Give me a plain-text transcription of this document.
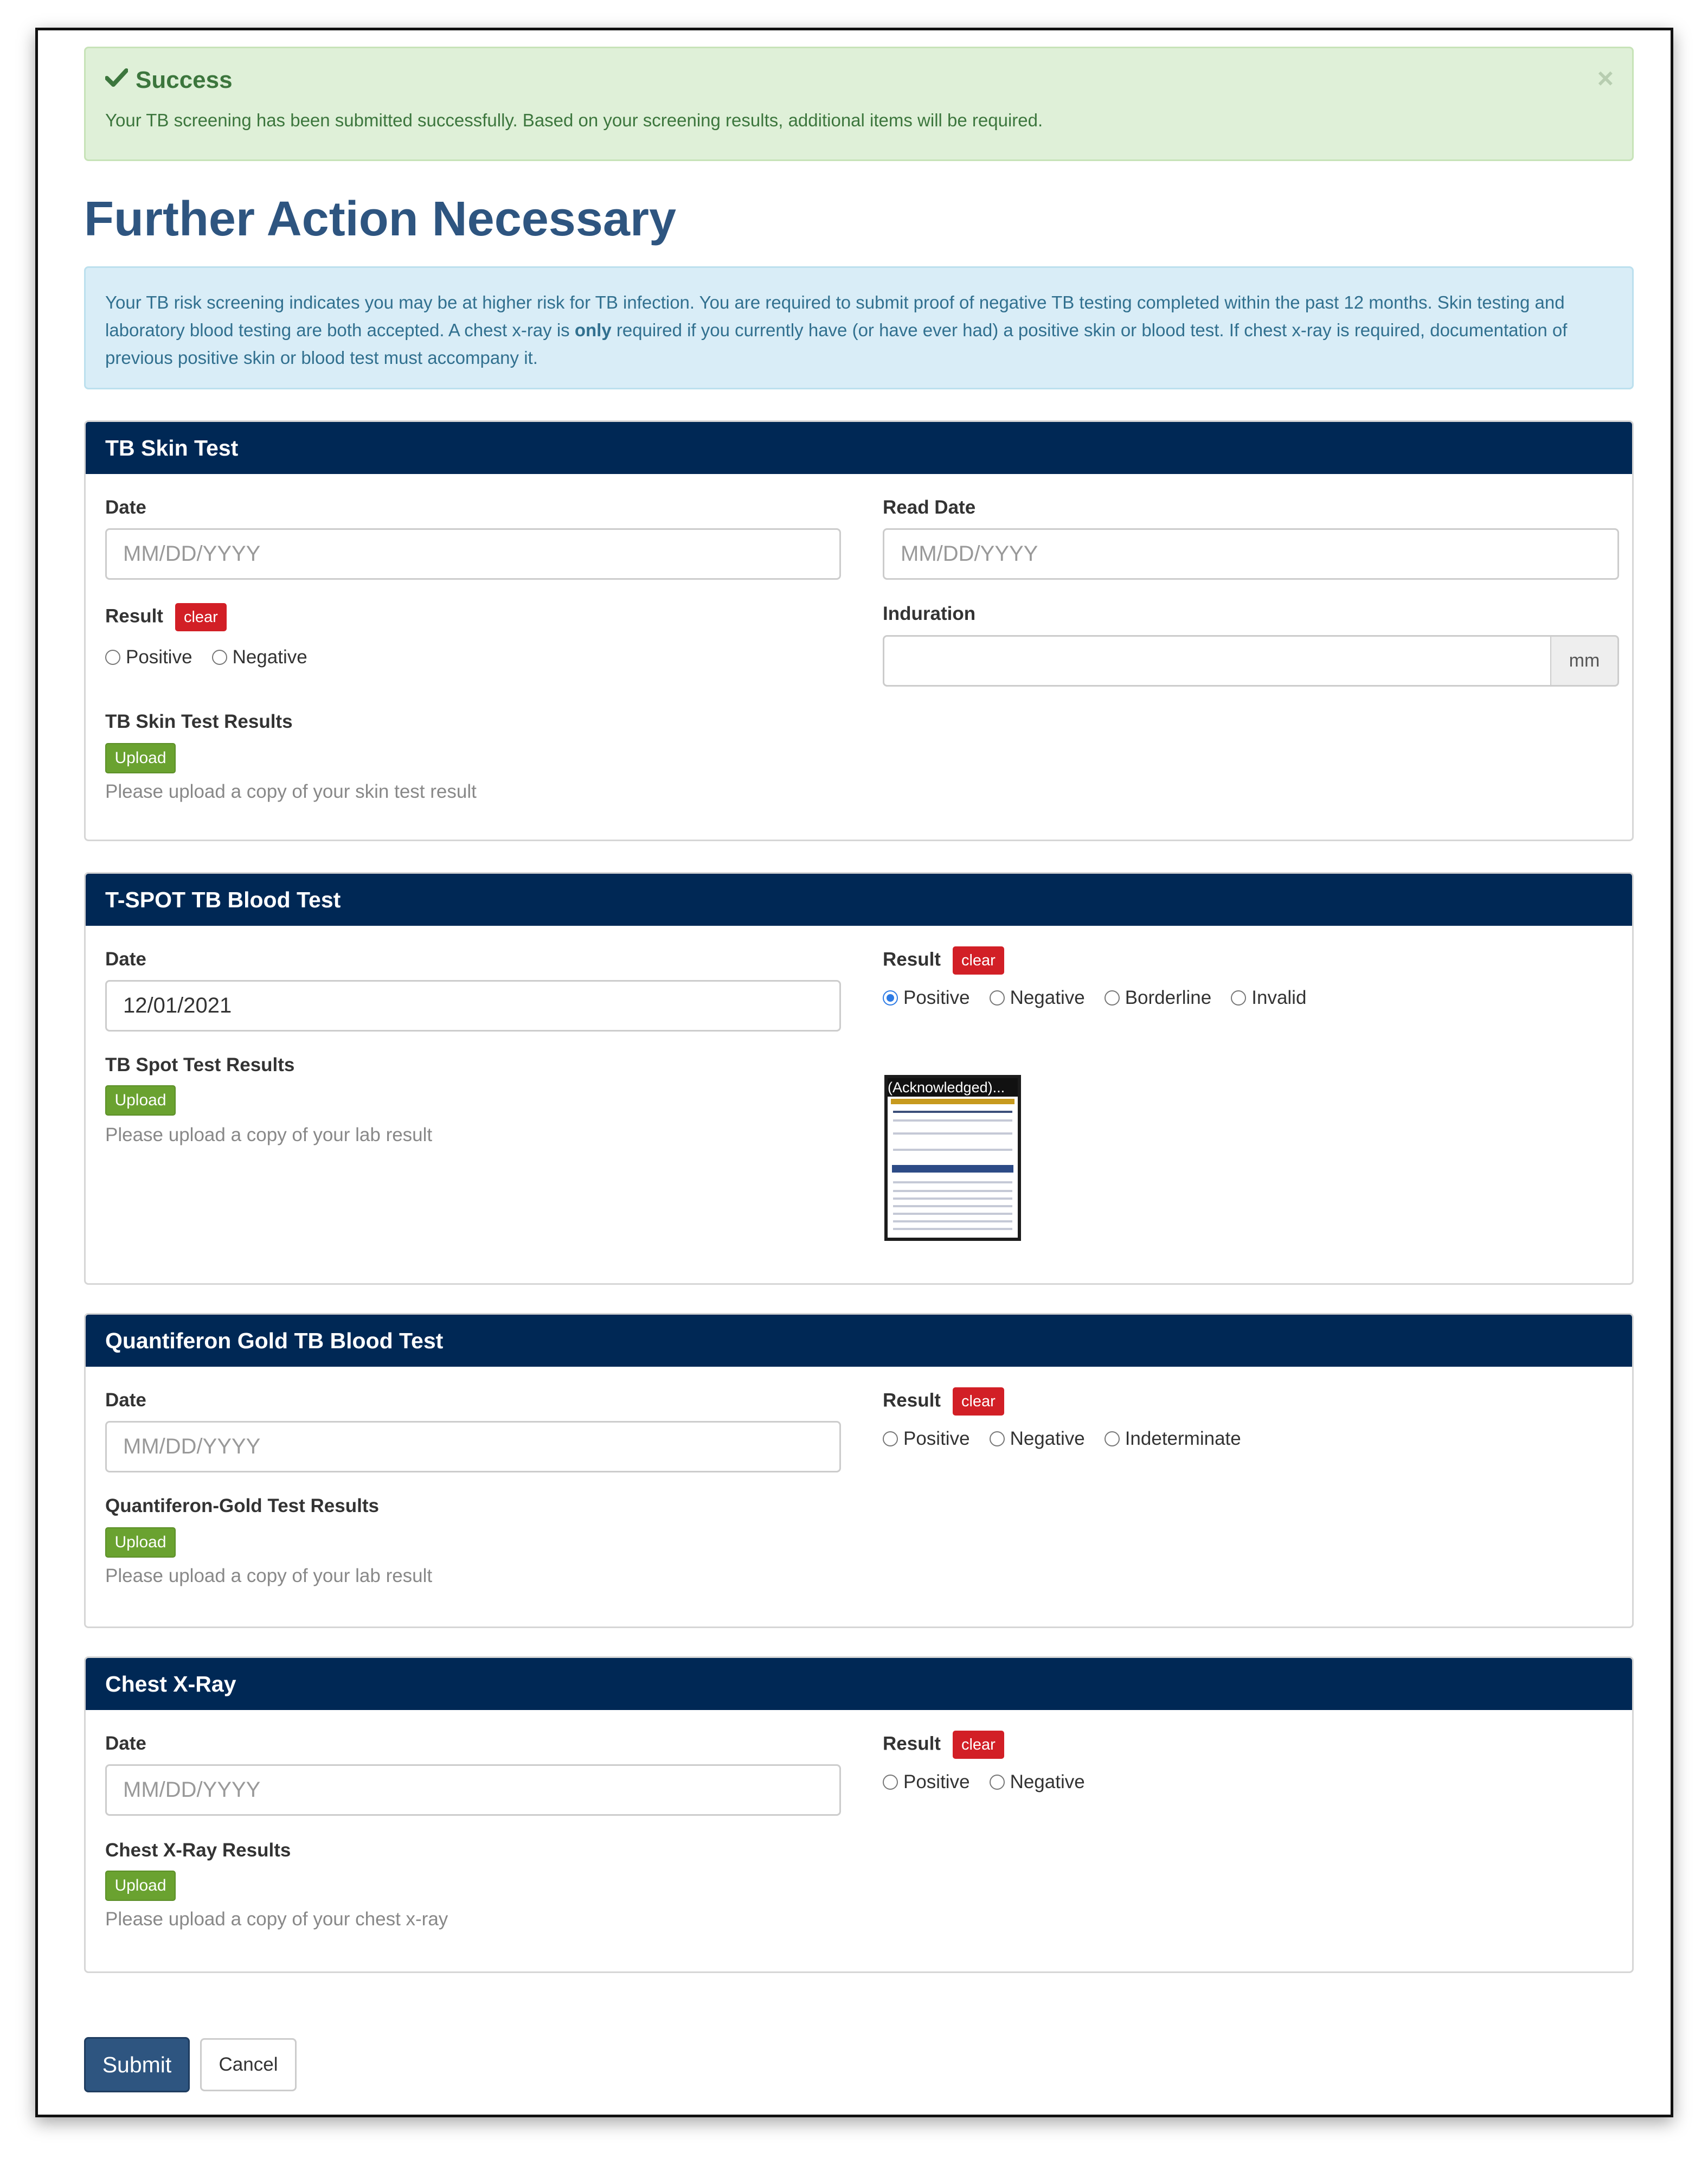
Success
Your TB screening has been submitted successfully. Based on your screening results, additional items will be required.
×
Further Action Necessary
Your TB risk screening indicates you may be at higher risk for TB infection. You are required to submit proof of negative TB testing completed within the past 12 months. Skin testing and laboratory blood testing are both accepted. A chest x-ray is only required if you currently have (or have ever had) a positive skin or blood test. If chest x-ray is required, documentation of previous positive skin or blood test must accompany it.
TB Skin Test
Date
MM/DD/YYYY
Read Date
MM/DD/YYYY
Result clear
Positive Negative
Induration
mm
TB Skin Test Results
Upload
Please upload a copy of your skin test result
T-SPOT TB Blood Test
Date
12/01/2021
Result clear
Positive Negative Borderline Invalid
TB Spot Test Results
Upload
Please upload a copy of your lab result
(Acknowledged)...
Quantiferon Gold TB Blood Test
Date
MM/DD/YYYY
Result clear
Positive Negative Indeterminate
Quantiferon-Gold Test Results
Upload
Please upload a copy of your lab result
Chest X-Ray
Date
MM/DD/YYYY
Result clear
Positive Negative
Chest X-Ray Results
Upload
Please upload a copy of your chest x-ray
Submit	Cancel
